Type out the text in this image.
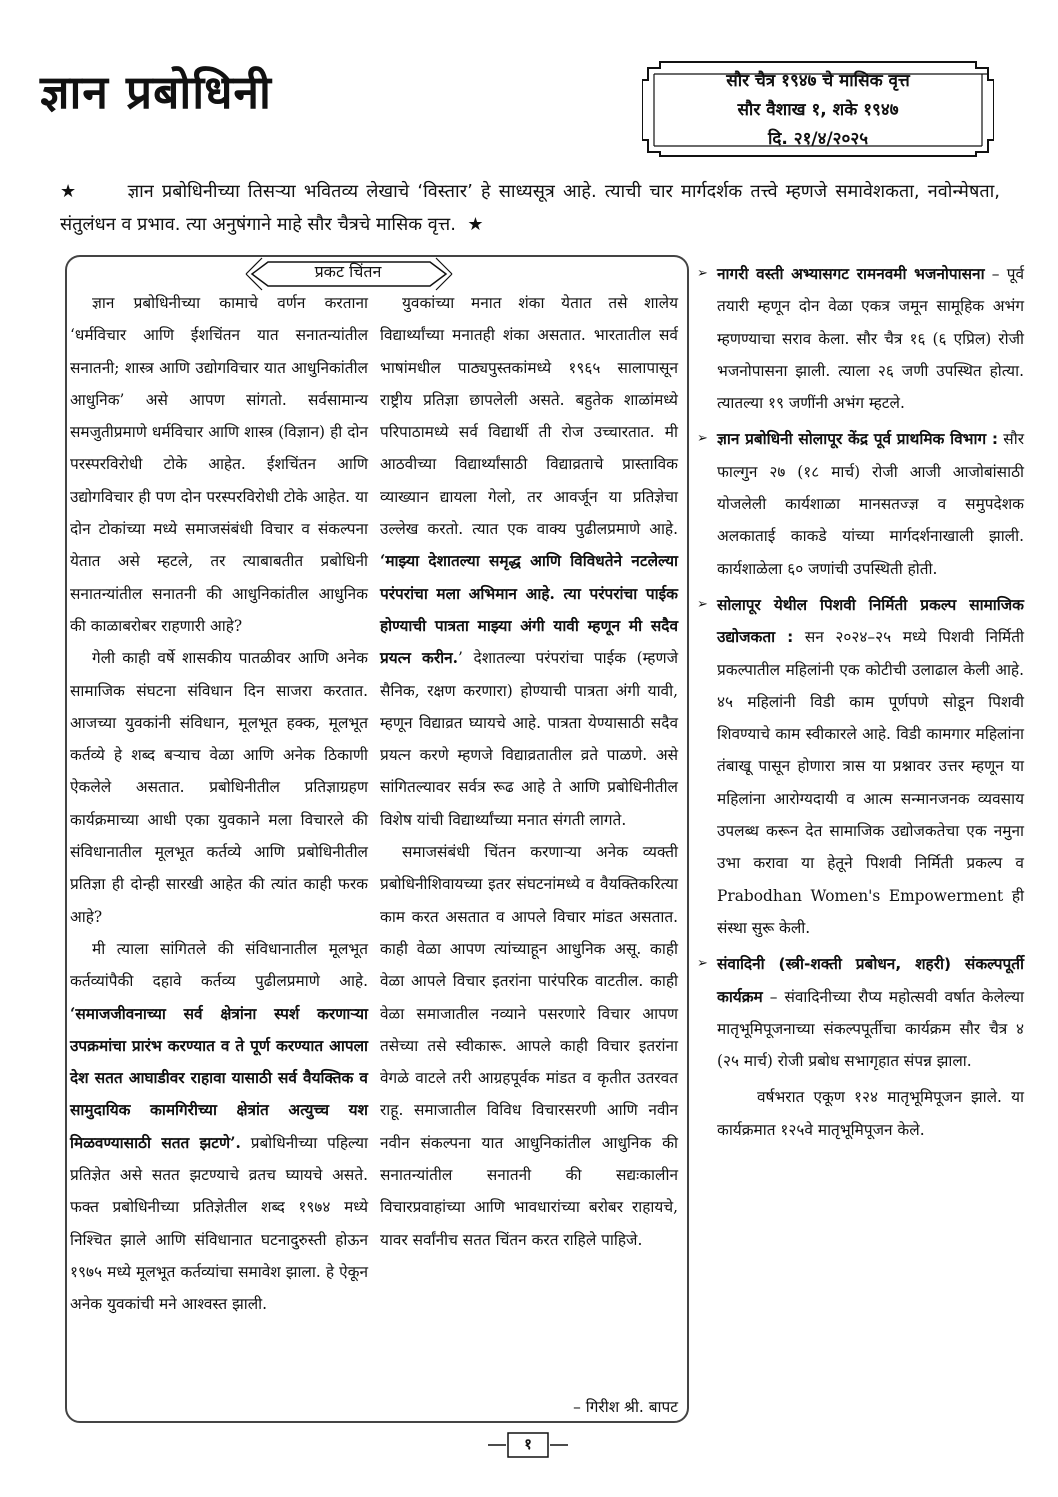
ज्ञान प्रबोधिनी	सौर चैत्र १९४७ चे मासिक वृत्त
सौर वैशाख १, शके १९४७
दि. २१/४/२०२५
★	ज्ञान प्रबोधिनीच्या तिसऱ्या भवितव्य लेखाचे ‘विस्तार’ हे साध्यसूत्र आहे. त्याची चार मार्गदर्शक तत्त्वे म्हणजे समावेशकता, नवोन्मेषता, संतुलंधन व प्रभाव. त्या अनुषंगाने माहे सौर चैत्रचे मासिक वृत्त. ★
प्रकट चिंतन

ज्ञान प्रबोधिनीच्या कामाचे वर्णन करताना ‘धर्मविचार आणि ईशचिंतन यात सनातन्यांतील सनातनी; शास्त्र आणि उद्योगविचार यात आधुनिकांतील आधुनिक’ असे आपण सांगतो. सर्वसामान्य समजुतीप्रमाणे धर्मविचार आणि शास्त्र (विज्ञान) ही दोन परस्परविरोधी टोके आहेत. ईशचिंतन आणि उद्योगविचार ही पण दोन परस्परविरोधी टोके आहेत. या दोन टोकांच्या मध्ये समाजसंबंधी विचार व संकल्पना येतात असे म्हटले, तर त्याबाबतीत प्रबोधिनी सनातन्यांतील सनातनी की आधुनिकांतील आधुनिक की काळाबरोबर राहणारी आहे?

गेली काही वर्षे शासकीय पातळीवर आणि अनेक सामाजिक संघटना संविधान दिन साजरा करतात. आजच्या युवकांनी संविधान, मूलभूत हक्क, मूलभूत कर्तव्ये हे शब्द बऱ्याच वेळा आणि अनेक ठिकाणी ऐकलेले असतात. प्रबोधिनीतील प्रतिज्ञाग्रहण कार्यक्रमाच्या आधी एका युवकाने मला विचारले की संविधानातील मूलभूत कर्तव्ये आणि प्रबोधिनीतील प्रतिज्ञा ही दोन्ही सारखी आहेत की त्यांत काही फरक आहे?

मी त्याला सांगितले की संविधानातील मूलभूत कर्तव्यांपैकी दहावे कर्तव्य पुढीलप्रमाणे आहे. ‘समाजजीवनाच्या सर्व क्षेत्रांना स्पर्श करणाऱ्या उपक्रमांचा प्रारंभ करण्यात व ते पूर्ण करण्यात आपला देश सतत आघाडीवर राहावा यासाठी सर्व वैयक्तिक व सामुदायिक कामगिरीच्या क्षेत्रांत अत्युच्च यश मिळवण्यासाठी सतत झटणे’. प्रबोधिनीच्या पहिल्या प्रतिज्ञेत असे सतत झटण्याचे व्रतच घ्यायचे असते. फक्त प्रबोधिनीच्या प्रतिज्ञेतील शब्द १९७४ मध्ये निश्चित झाले आणि संविधानात घटनादुरुस्ती होऊन १९७५ मध्ये मूलभूत कर्तव्यांचा समावेश झाला. हे ऐकून अनेक युवकांची मने आश्वस्त झाली.

युवकांच्या मनात शंका येतात तसे शालेय विद्यार्थ्यांच्या मनातही शंका असतात. भारतातील सर्व भाषांमधील पाठ्यपुस्तकांमध्ये १९६५ सालापासून राष्ट्रीय प्रतिज्ञा छापलेली असते. बहुतेक शाळांमध्ये परिपाठामध्ये सर्व विद्यार्थी ती रोज उच्चारतात. मी आठवीच्या विद्यार्थ्यांसाठी विद्याव्रताचे प्रास्ताविक व्याख्यान द्यायला गेलो, तर आवर्जून या प्रतिज्ञेचा उल्लेख करतो. त्यात एक वाक्य पुढीलप्रमाणे आहे. ‘माझ्या देशातल्या समृद्ध आणि विविधतेने नटलेल्या परंपरांचा मला अभिमान आहे. त्या परंपरांचा पाईक होण्याची पात्रता माझ्या अंगी यावी म्हणून मी सदैव प्रयत्न करीन.’ देशातल्या परंपरांचा पाईक (म्हणजे सैनिक, रक्षण करणारा) होण्याची पात्रता अंगी यावी, म्हणून विद्याव्रत घ्यायचे आहे. पात्रता येण्यासाठी सदैव प्रयत्न करणे म्हणजे विद्याव्रतातील व्रते पाळणे. असे सांगितल्यावर सर्वत्र रूढ आहे ते आणि प्रबोधिनीतील विशेष यांची विद्यार्थ्यांच्या मनात संगती लागते.

समाजसंबंधी चिंतन करणाऱ्या अनेक व्यक्ती प्रबोधिनीशिवायच्या इतर संघटनांमध्ये व वैयक्तिकरित्या काम करत असतात व आपले विचार मांडत असतात. काही वेळा आपण त्यांच्याहून आधुनिक असू. काही वेळा आपले विचार इतरांना पारंपरिक वाटतील. काही वेळा समाजातील नव्याने पसरणारे विचार आपण तसेच्या तसे स्वीकारू. आपले काही विचार इतरांना वेगळे वाटले तरी आग्रहपूर्वक मांडत व कृतीत उतरवत राहू. समाजातील विविध विचारसरणी आणि नवीन नवीन संकल्पना यात आधुनिकांतील आधुनिक की सनातन्यांतील सनातनी की सद्यःकालीन विचारप्रवाहांच्या आणि भावधारांच्या बरोबर राहायचे, यावर सर्वांनीच सतत चिंतन करत राहिले पाहिजे.

– गिरीश श्री. बापट
➢ नागरी वस्ती अभ्यासगट रामनवमी भजनोपासना – पूर्व तयारी म्हणून दोन वेळा एकत्र जमून सामूहिक अभंग म्हणण्याचा सराव केला. सौर चैत्र १६ (६ एप्रिल) रोजी भजनोपासना झाली. त्याला २६ जणी उपस्थित होत्या. त्यातल्या १९ जणींनी अभंग म्हटले.
➢ ज्ञान प्रबोधिनी सोलापूर केंद्र पूर्व प्राथमिक विभाग : सौर फाल्गुन २७ (१८ मार्च) रोजी आजी आजोबांसाठी योजलेली कार्यशाळा मानसतज्ज्ञ व समुपदेशक अलकाताई काकडे यांच्या मार्गदर्शनाखाली झाली. कार्यशाळेला ६० जणांची उपस्थिती होती.
➢ सोलापूर येथील पिशवी निर्मिती प्रकल्प सामाजिक उद्योजकता : सन २०२४–२५ मध्ये पिशवी निर्मिती प्रकल्पातील महिलांनी एक कोटीची उलाढाल केली आहे. ४५ महिलांनी विडी काम पूर्णपणे सोडून पिशवी शिवण्याचे काम स्वीकारले आहे. विडी कामगार महिलांना तंबाखू पासून होणारा त्रास या प्रश्नावर उत्तर म्हणून या महिलांना आरोग्यदायी व आत्म सन्मानजनक व्यवसाय उपलब्ध करून देत सामाजिक उद्योजकतेचा एक नमुना उभा करावा या हेतूने पिशवी निर्मिती प्रकल्प व Prabodhan Women's Empowerment ही संस्था सुरू केली.
➢ संवादिनी (स्त्री-शक्ती प्रबोधन, शहरी) संकल्पपूर्ती कार्यक्रम – संवादिनीच्या रौप्य महोत्सवी वर्षात केलेल्या मातृभूमिपूजनाच्या संकल्पपूर्तीचा कार्यक्रम सौर चैत्र ४ (२५ मार्च) रोजी प्रबोध सभागृहात संपन्न झाला.
वर्षभरात एकूण १२४ मातृभूमिपूजन झाले. या कार्यक्रमात १२५वे मातृभूमिपूजन केले.
१
